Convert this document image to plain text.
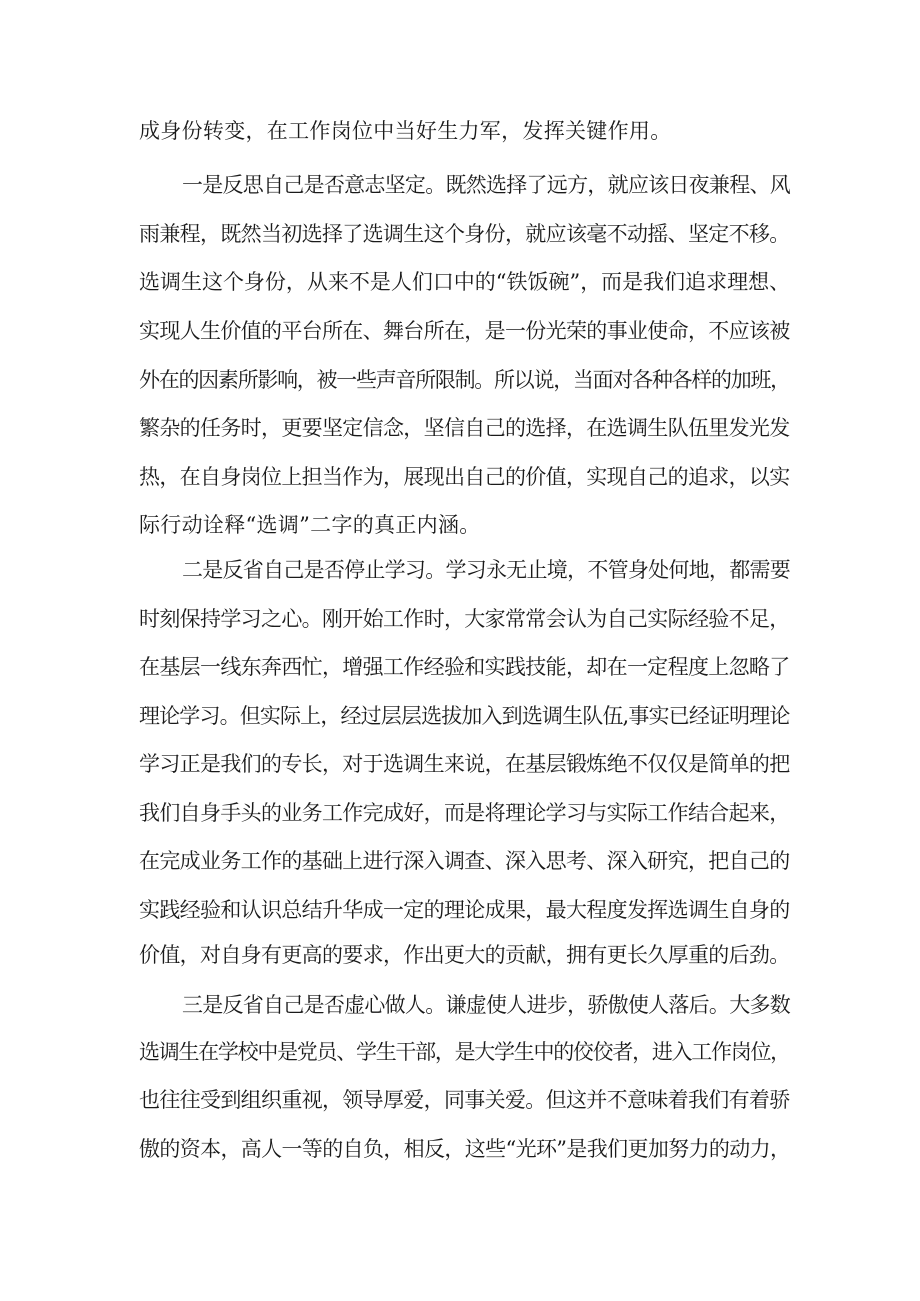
成身份转变，在工作岗位中当好生力军，发挥关键作用。
一是反思自己是否意志坚定。既然选择了远方，就应该日夜兼程、风
雨兼程，既然当初选择了选调生这个身份，就应该毫不动摇、坚定不移。
选调生这个身份，从来不是人们口中的“铁饭碗”，而是我们追求理想、
实现人生价值的平台所在、舞台所在，是一份光荣的事业使命，不应该被
外在的因素所影响，被一些声音所限制。所以说，当面对各种各样的加班，
繁杂的任务时，更要坚定信念，坚信自己的选择，在选调生队伍里发光发
热，在自身岗位上担当作为，展现出自己的价值，实现自己的追求，以实
际行动诠释“选调”二字的真正内涵。
二是反省自己是否停止学习。学习永无止境，不管身处何地，都需要
时刻保持学习之心。刚开始工作时，大家常常会认为自己实际经验不足，
在基层一线东奔西忙，增强工作经验和实践技能，却在一定程度上忽略了
理论学习。但实际上，经过层层选拔加入到选调生队伍,事实已经证明理论
学习正是我们的专长，对于选调生来说，在基层锻炼绝不仅仅是简单的把
我们自身手头的业务工作完成好，而是将理论学习与实际工作结合起来，
在完成业务工作的基础上进行深入调查、深入思考、深入研究，把自己的
实践经验和认识总结升华成一定的理论成果，最大程度发挥选调生自身的
价值，对自身有更高的要求，作出更大的贡献，拥有更长久厚重的后劲。
三是反省自己是否虚心做人。谦虚使人进步，骄傲使人落后。大多数
选调生在学校中是党员、学生干部，是大学生中的佼佼者，进入工作岗位，
也往往受到组织重视，领导厚爱，同事关爱。但这并不意味着我们有着骄
傲的资本，高人一等的自负，相反，这些“光环”是我们更加努力的动力，
